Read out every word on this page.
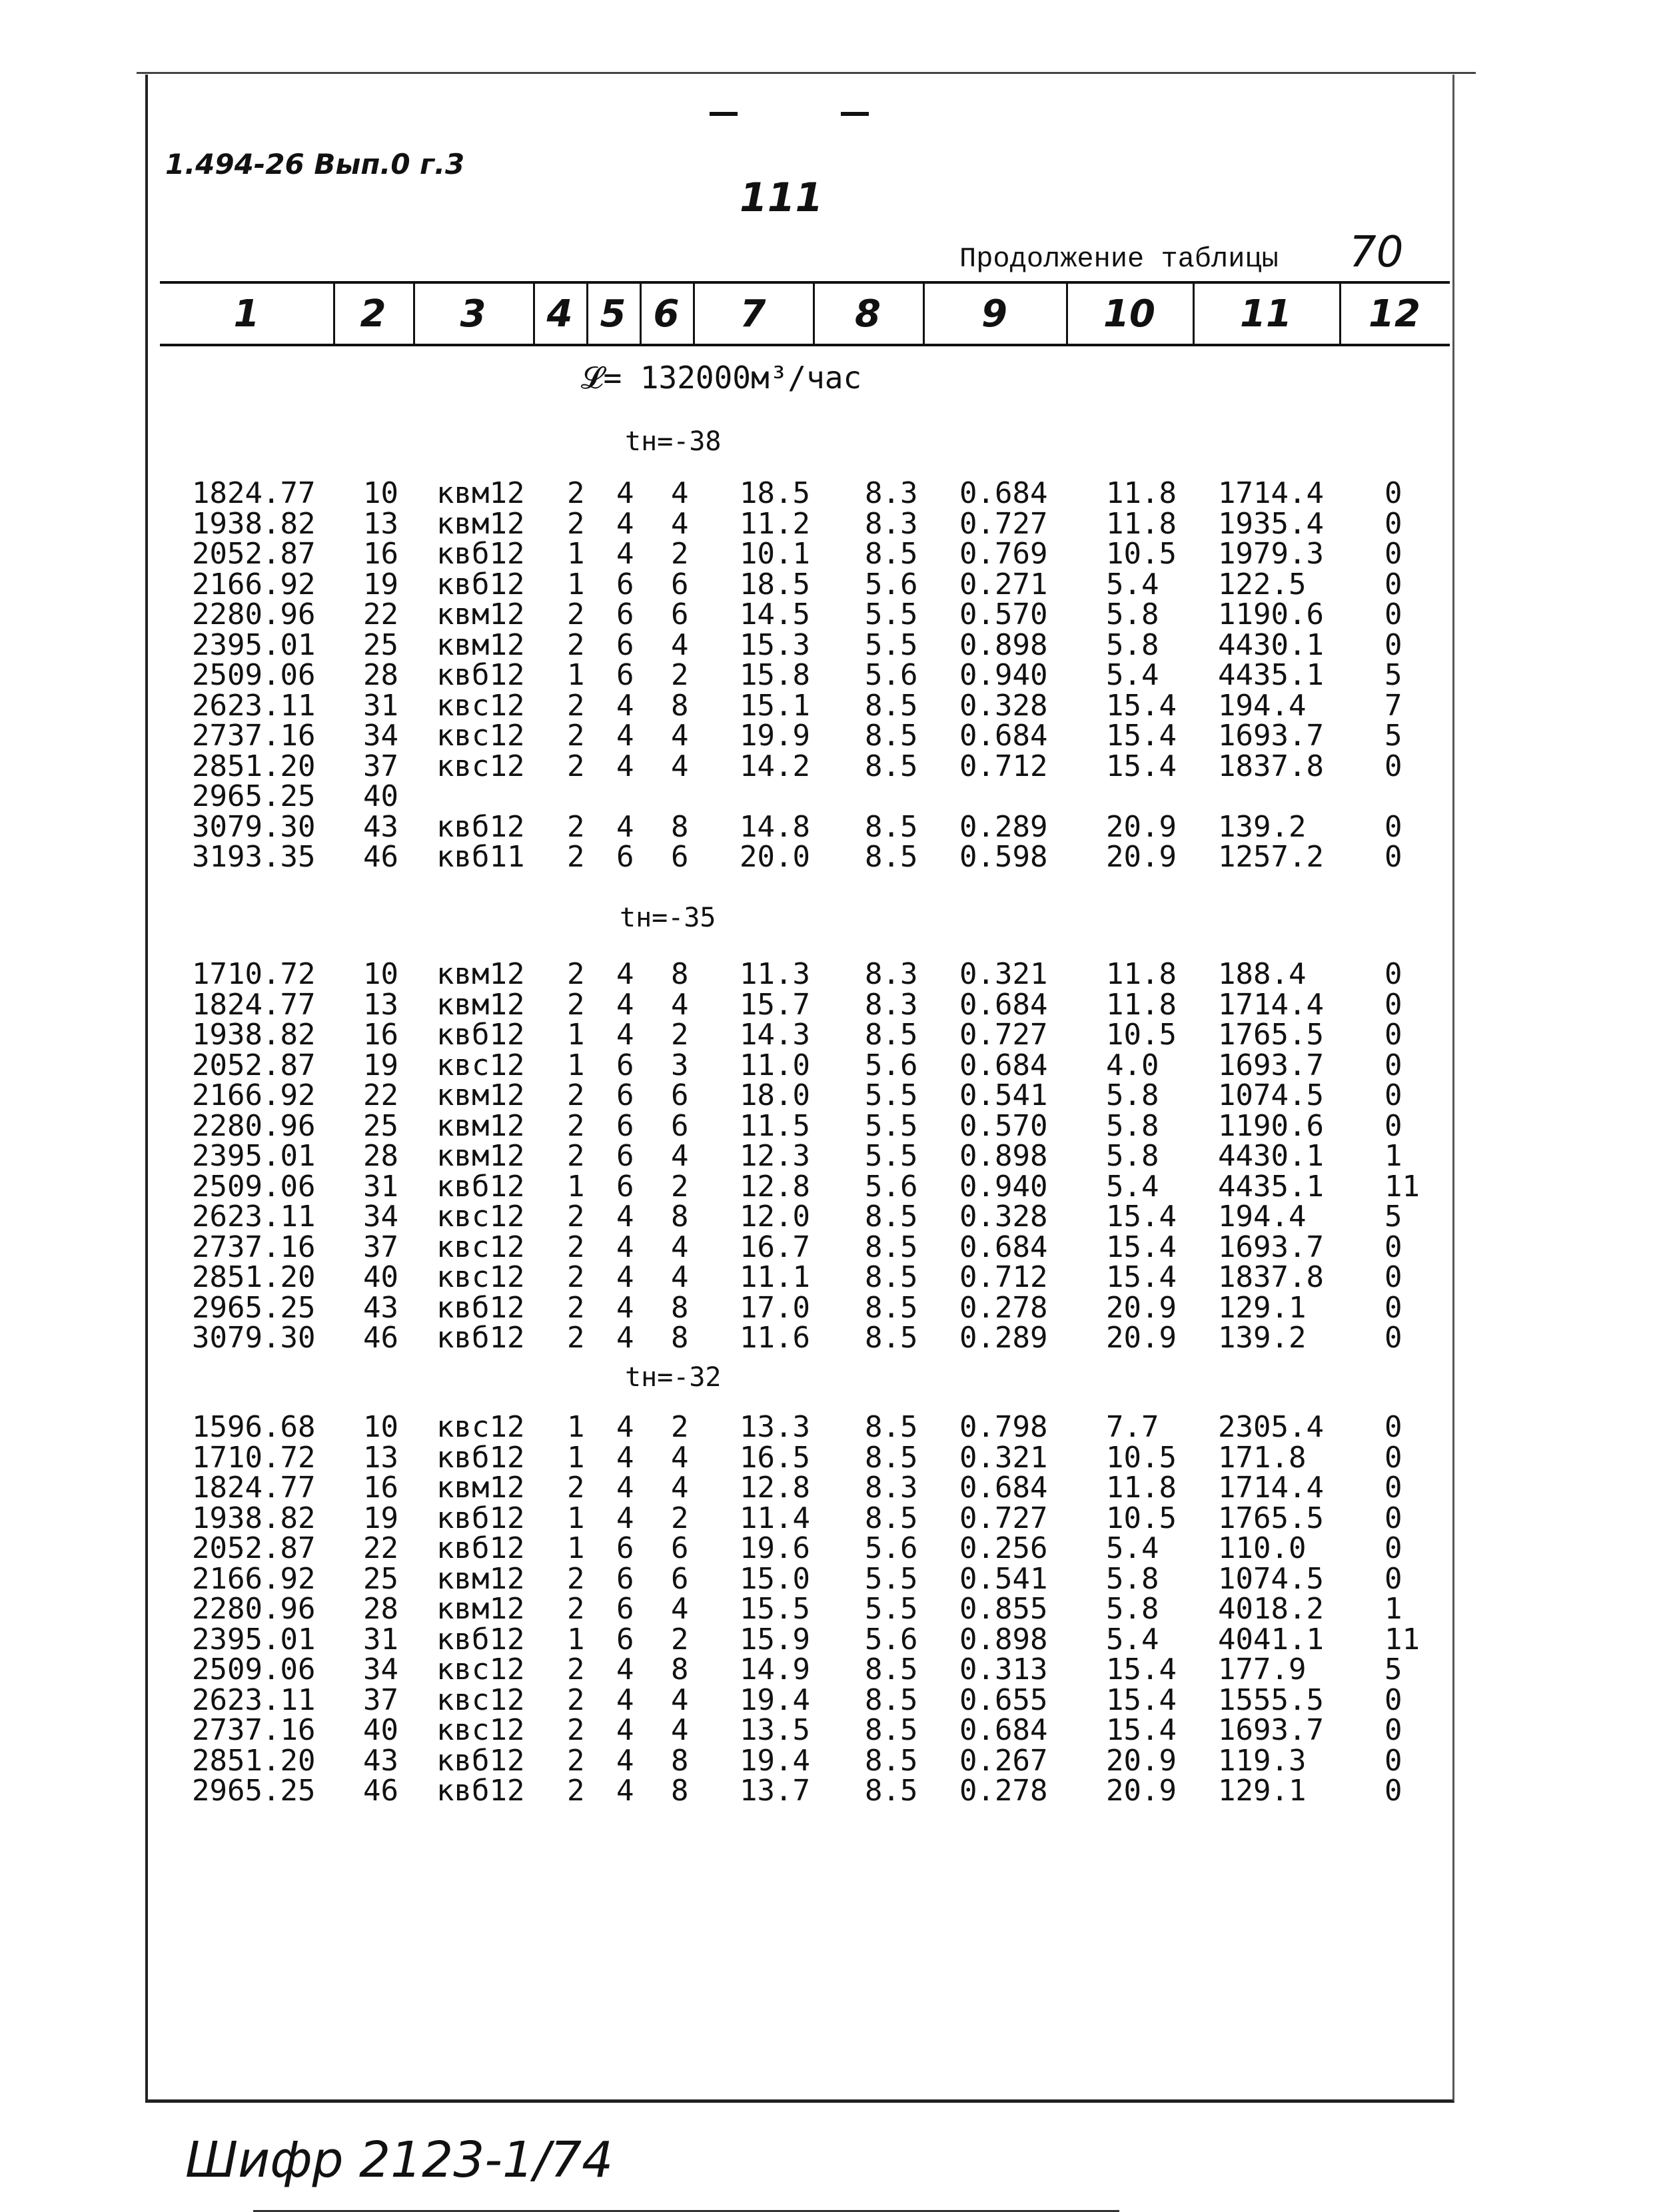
1.494-26 Вып.0 г.3
111
Продолжение таблицы 70
1	2	3	4 5 6	7	8	9	10	11	12
𝓛= 132000м³/час
tн=-38
1824.77 10 квм12 2 4 4 18.5 8.3 0.684 11.8 1714.4 0
1938.82 13 квм12 2 4 4 11.2 8.3 0.727 11.8 1935.4 0
2052.87 16 квб12 1 4 2 10.1 8.5 0.769 10.5 1979.3 0
2166.92 19 квб12 1 6 6 18.5 5.6 0.271 5.4 122.5	0
2280.96 22 квм12 2 6 6 14.5 5.5 0.570 5.8 1190.6 0
2395.01 25 квм12 2 6 4 15.3 5.5 0.898 5.8 4430.1 0
2509.06 28 квб12 1 6 2 15.8 5.6 0.940 5.4 4435.1 5
2623.11 31 квс12 2 4 8 15.1 8.5 0.328 15.4 194.4	7
2737.16 34 квс12 2 4 4 19.9 8.5 0.684 15.4 1693.7 5
2851.20 37 квс12 2 4 4 14.2 8.5 0.712 15.4 1837.8 0
2965.25 40
3079.30 43 квб12 2 4 8 14.8 8.5 0.289 20.9 139.2	0
3193.35 46 квб11 2 6 6 20.0 8.5 0.598 20.9 1257.2 0
tн=-35
1710.72 10 квм12 2 4 8 11.3 8.3 0.321 11.8 188.4	0
1824.77 13 квм12 2 4 4 15.7 8.3 0.684 11.8 1714.4 0
1938.82 16 квб12 1 4 2 14.3 8.5 0.727 10.5 1765.5 0
2052.87 19 квс12 1 6 3 11.0 5.6 0.684 4.0 1693.7 0
2166.92 22 квм12 2 6 6 18.0 5.5 0.541 5.8 1074.5 0
2280.96 25 квм12 2 6 6 11.5 5.5 0.570 5.8 1190.6 0
2395.01 28 квм12 2 6 4 12.3 5.5 0.898 5.8 4430.1 1
2509.06 31 квб12 1 6 2 12.8 5.6 0.940 5.4 4435.1 11
2623.11 34 квс12 2 4 8 12.0 8.5 0.328 15.4 194.4	5
2737.16 37 квс12 2 4 4 16.7 8.5 0.684 15.4 1693.7 0
2851.20 40 квс12 2 4 4 11.1 8.5 0.712 15.4 1837.8 0
2965.25 43 квб12 2 4 8 17.0 8.5 0.278 20.9 129.1	0
3079.30 46 квб12 2 4 8 11.6 8.5 0.289 20.9 139.2	0
tн=-32
1596.68 10 квс12 1 4 2 13.3 8.5 0.798 7.7 2305.4 0
1710.72 13 квб12 1 4 4 16.5 8.5 0.321 10.5 171.8	0
1824.77 16 квм12 2 4 4 12.8 8.3 0.684 11.8 1714.4 0
1938.82 19 квб12 1 4 2 11.4 8.5 0.727 10.5 1765.5 0
2052.87 22 квб12 1 6 6 19.6 5.6 0.256 5.4 110.0	0
2166.92 25 квм12 2 6 6 15.0 5.5 0.541 5.8 1074.5 0
2280.96 28 квм12 2 6 4 15.5 5.5 0.855 5.8 4018.2 1
2395.01 31 квб12 1 6 2 15.9 5.6 0.898 5.4 4041.1 11
2509.06 34 квс12 2 4 8 14.9 8.5 0.313 15.4 177.9	5
2623.11 37 квс12 2 4 4 19.4 8.5 0.655 15.4 1555.5 0
2737.16 40 квс12 2 4 4 13.5 8.5 0.684 15.4 1693.7 0
2851.20 43 квб12 2 4 8 19.4 8.5 0.267 20.9 119.3	0
2965.25 46 квб12 2 4 8 13.7 8.5 0.278 20.9 129.1	0
Шифр 2123-1/74
